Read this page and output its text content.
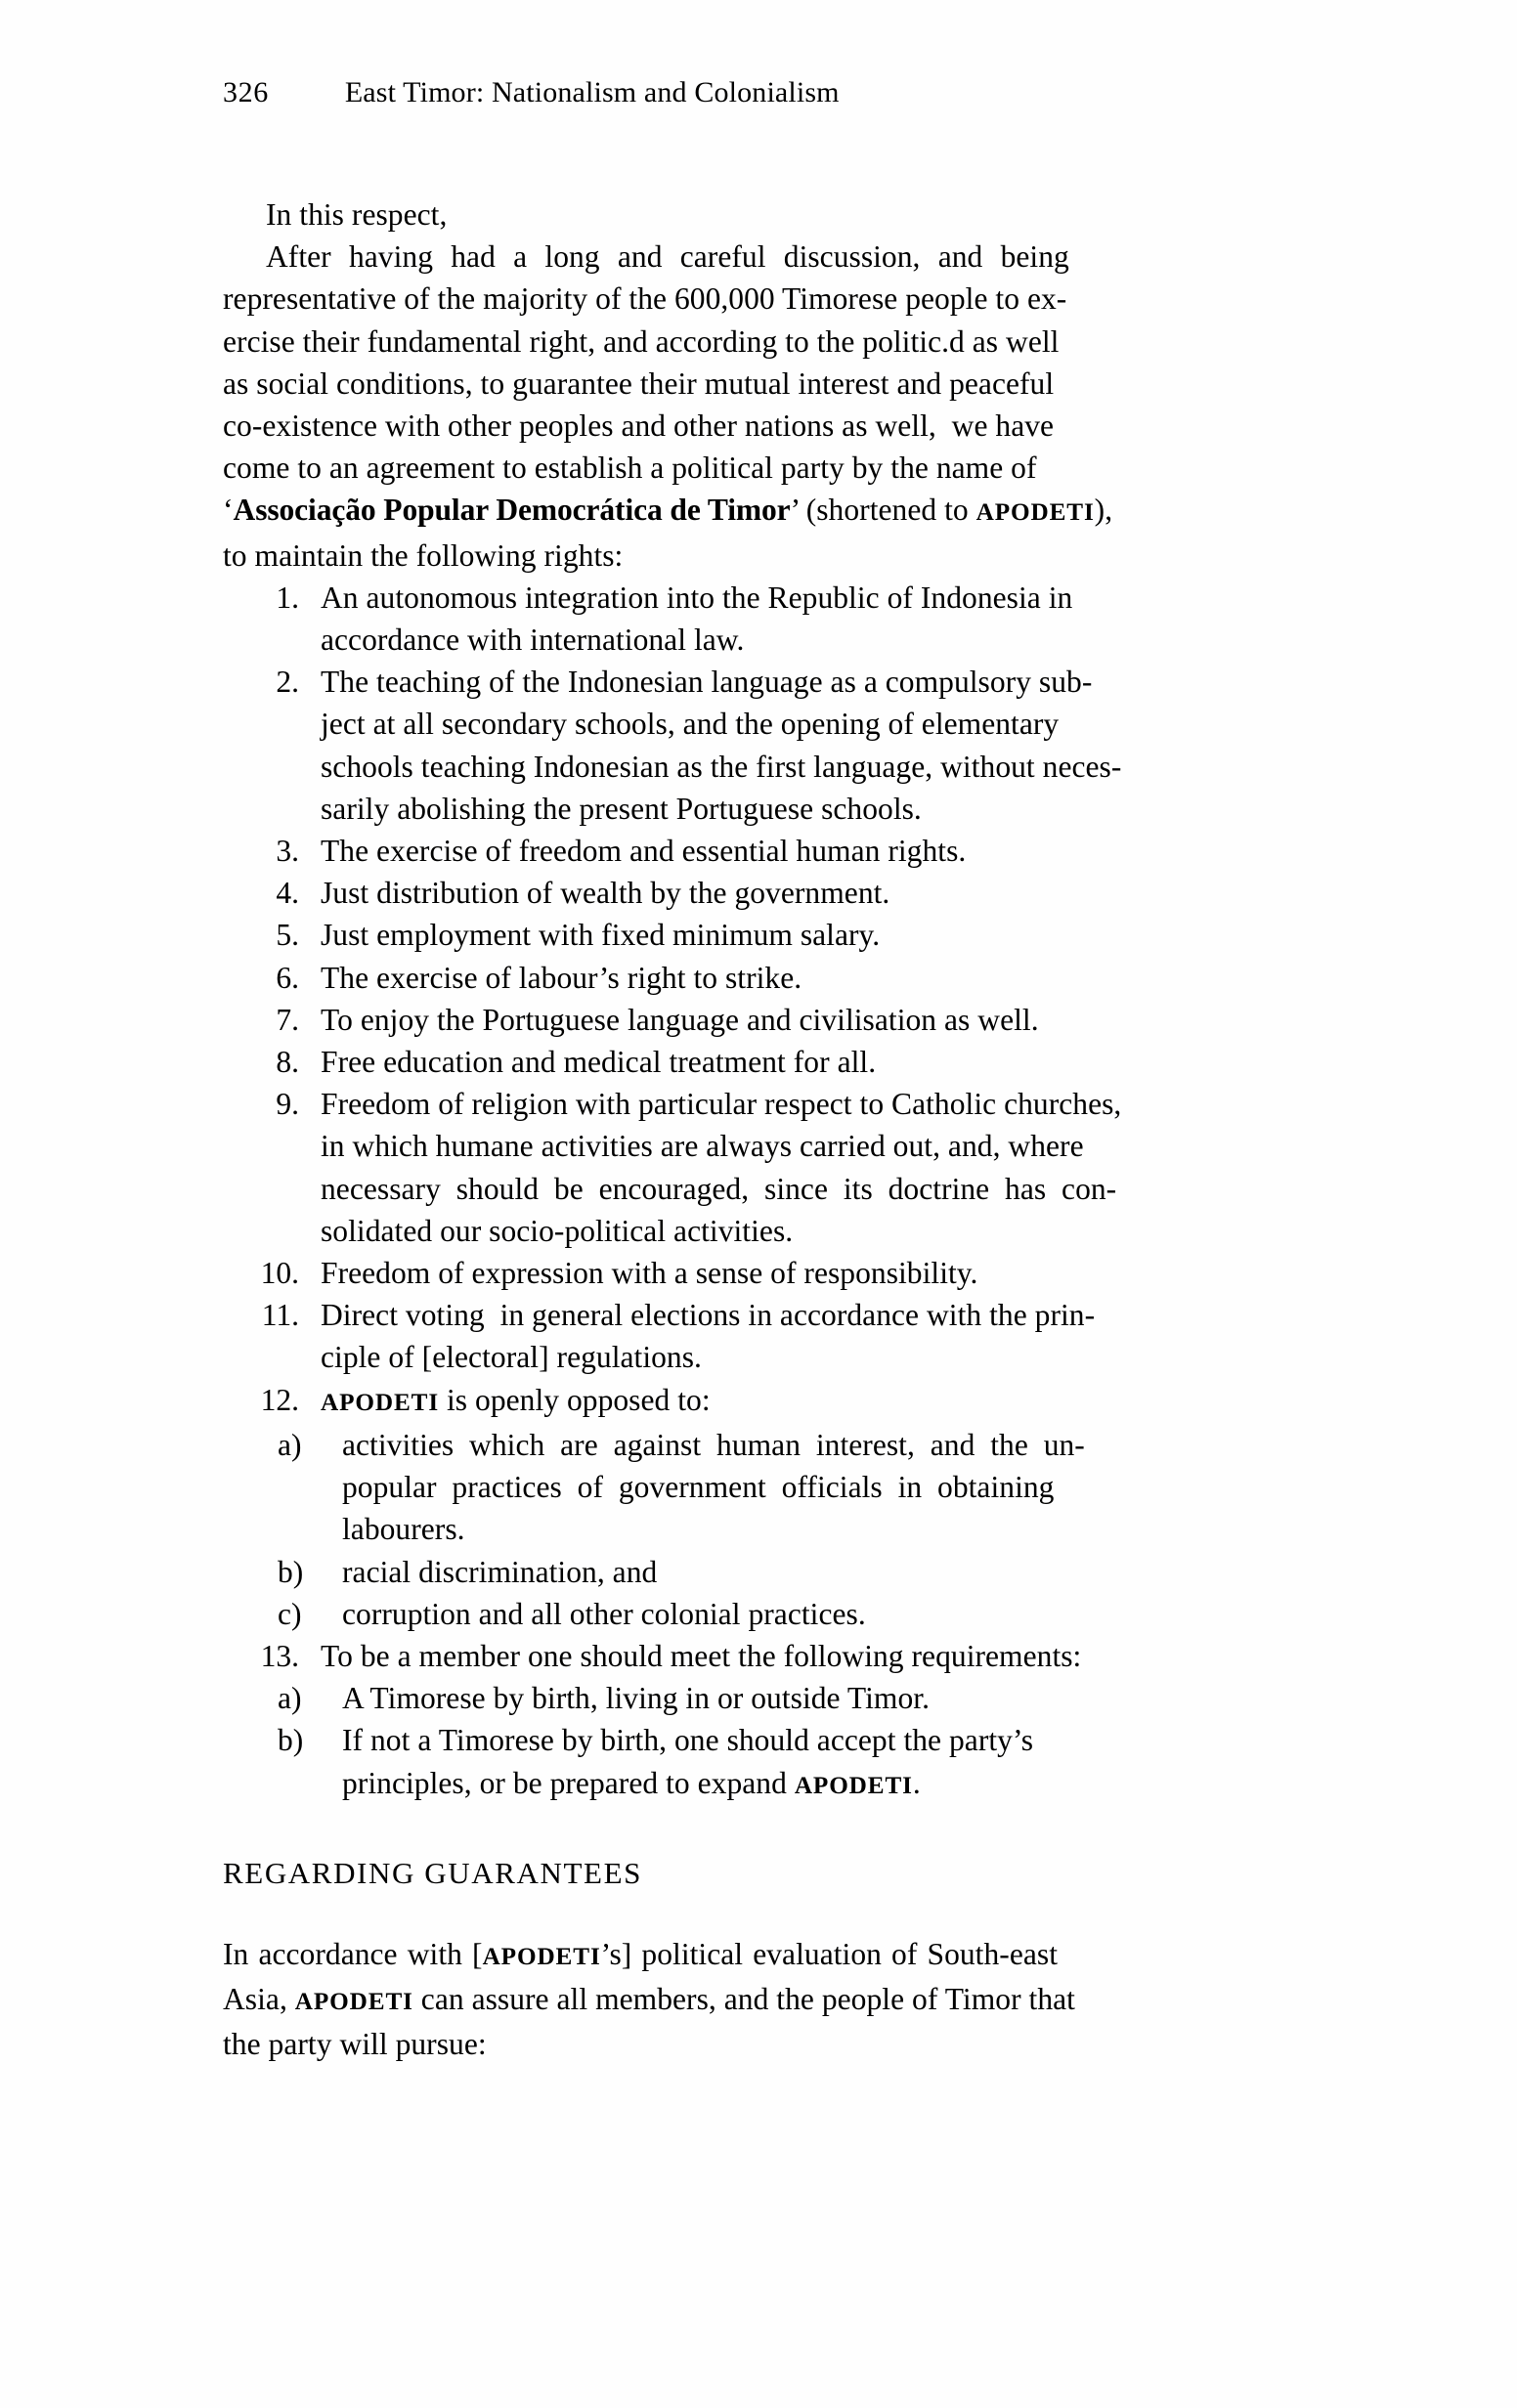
326	East Timor: Nationalism and Colonialism
In this respect,
After  having  had  a  long  and  careful  discussion,  and  being
representative of the majority of the 600,000 Timorese people to ex-
ercise their fundamental right, and according to the politic.d as well
as social conditions, to guarantee their mutual interest and peaceful
co-existence with other peoples and other nations as well,  we have
come to an agreement to establish a political party by the name of
‘Associação Popular Democrática de Timor’ (shortened to APODETI),
to maintain the following rights:
1. An autonomous integration into the Republic of Indonesia in
accordance with international law.
2. The teaching of the Indonesian language as a compulsory sub-
ject at all secondary schools, and the opening of elementary
schools teaching Indonesian as the first language, without neces-
sarily abolishing the present Portuguese schools.
3. The exercise of freedom and essential human rights.
4. Just distribution of wealth by the government.
5. Just employment with fixed minimum salary.
6. The exercise of labour’s right to strike.
7. To enjoy the Portuguese language and civilisation as well.
8. Free education and medical treatment for all.
9. Freedom of religion with particular respect to Catholic churches,
in which humane activities are always carried out, and, where
necessary  should  be  encouraged,  since  its  doctrine  has  con-
solidated our socio-political activities.
10. Freedom of expression with a sense of responsibility.
11. Direct voting  in general elections in accordance with the prin-
ciple of [electoral] regulations.
12. APODETI is openly opposed to:
a)	activities  which  are  against  human  interest,  and  the  un-
popular  practices  of  government  officials  in  obtaining
labourers.
b)	racial discrimination, and
c)	corruption and all other colonial practices.
13. To be a member one should meet the following requirements:
a)	A Timorese by birth, living in or outside Timor.
b)	If not a Timorese by birth, one should accept the party’s
principles, or be prepared to expand APODETI.
REGARDING GUARANTEES
In accordance with [APODETI’s] political evaluation of South-east
Asia, APODETI can assure all members, and the people of Timor that
the party will pursue:
